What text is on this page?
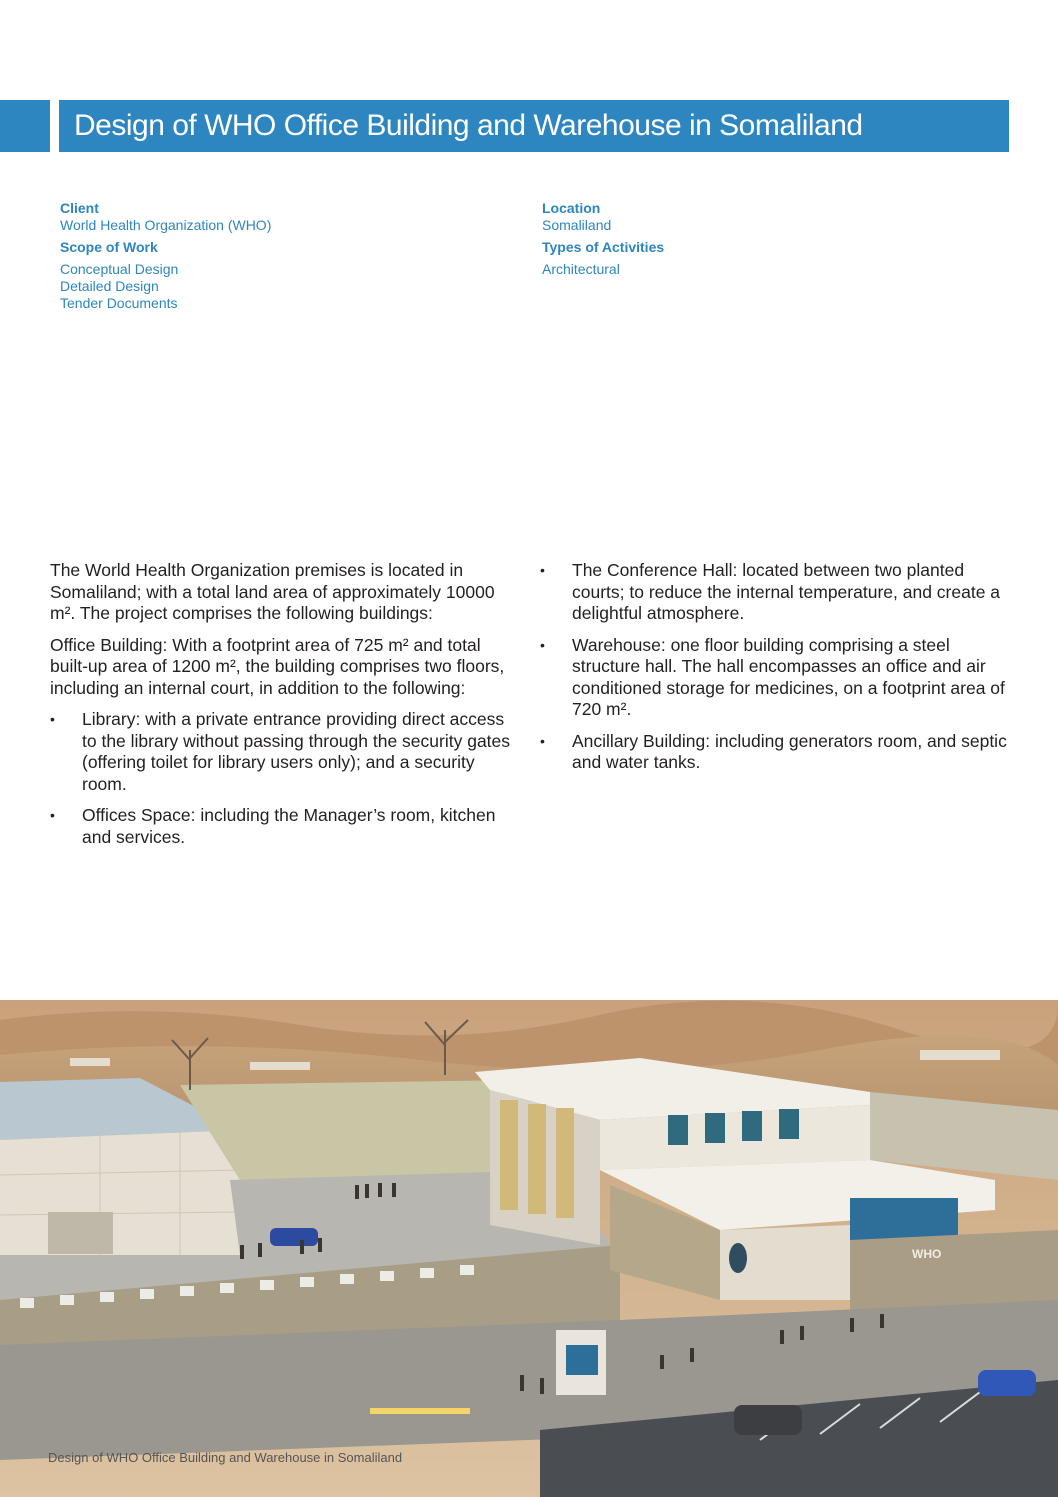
Design of WHO Office Building and Warehouse in Somaliland
Client
World Health Organization (WHO)
Scope of Work
Conceptual Design
Detailed Design
Tender Documents
Location
Somaliland
Types of Activities
Architectural

The World Health Organization premises is located in Somaliland; with a total land area of approximately 10000 m². The project comprises the following buildings:

Office Building: With a footprint area of 725 m² and total built-up area of 1200 m², the building comprises two floors, including an internal court, in addition to the following:

• Library: with a private entrance providing direct access to the library without passing through the security gates (offering toilet for library users only); and a security room.
• Offices Space: including the Manager’s room, kitchen and services.
• The Conference Hall: located between two planted courts; to reduce the internal temperature, and create a delightful atmosphere.
• Warehouse: one floor building comprising a steel structure hall. The hall encompasses an office and air conditioned storage for medicines, on a footprint area of 720 m².
• Ancillary Building: including generators room, and septic and water tanks.
WHO
Design of WHO Office Building and Warehouse in Somaliland
